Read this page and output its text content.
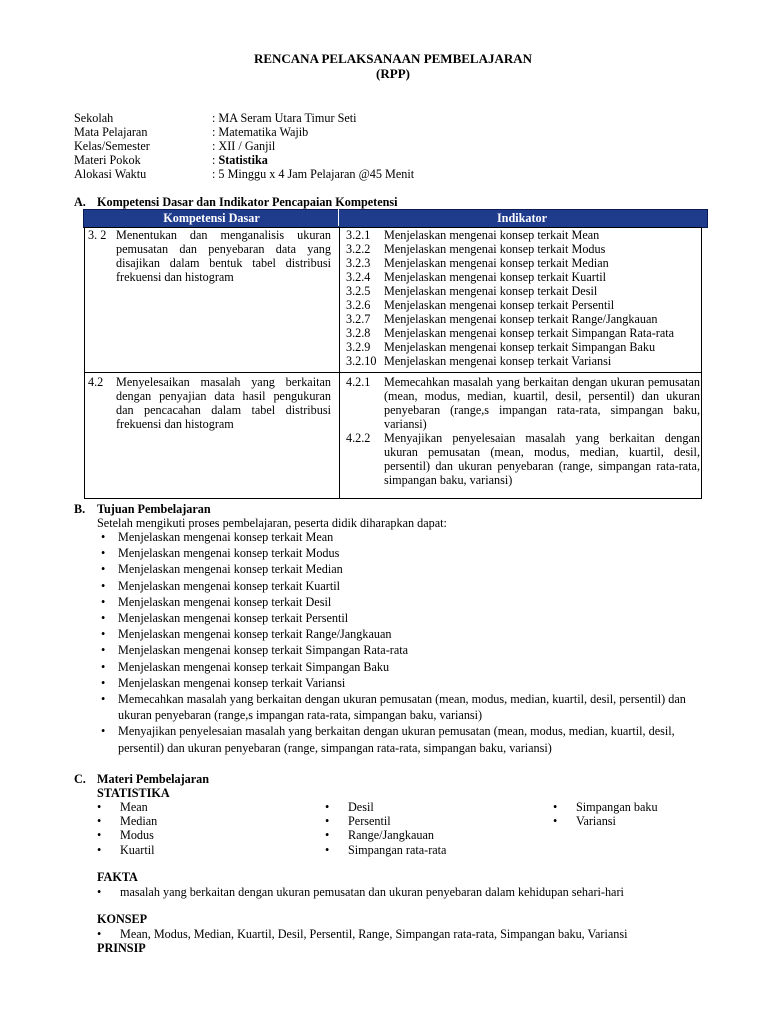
RENCANA PELAKSANAAN PEMBELAJARAN
(RPP)
Sekolah	: MA Seram Utara Timur Seti
Mata Pelajaran	: Matematika Wajib
Kelas/Semester	: XII / Ganjil
Materi Pokok	: Statistika
Alokasi Waktu	: 5 Minggu x 4 Jam Pelajaran @45 Menit
A. Kompetensi Dasar dan Indikator Pencapaian Kompetensi
Kompetensi Dasar	Indikator
3. 2 Menentukan dan menganalisis ukuran pemusatan dan penyebaran data yang disajikan dalam bentuk tabel distribusi frekuensi dan histogram
3.2.1 Menjelaskan mengenai konsep terkait Mean
3.2.2 Menjelaskan mengenai konsep terkait Modus
3.2.3 Menjelaskan mengenai konsep terkait Median
3.2.4 Menjelaskan mengenai konsep terkait Kuartil
3.2.5 Menjelaskan mengenai konsep terkait Desil
3.2.6 Menjelaskan mengenai konsep terkait Persentil
3.2.7 Menjelaskan mengenai konsep terkait Range/Jangkauan
3.2.8 Menjelaskan mengenai konsep terkait Simpangan Rata-rata
3.2.9 Menjelaskan mengenai konsep terkait Simpangan Baku
3.2.10 Menjelaskan mengenai konsep terkait Variansi
4.2 Menyelesaikan masalah yang berkaitan dengan penyajian data hasil pengukuran dan pencacahan dalam tabel distribusi frekuensi dan histogram
4.2.1 Memecahkan masalah yang berkaitan dengan ukuran pemusatan (mean, modus, median, kuartil, desil, persentil) dan ukuran penyebaran (range,s impangan rata-rata, simpangan baku, variansi)
4.2.2 Menyajikan penyelesaian masalah yang berkaitan dengan ukuran pemusatan (mean, modus, median, kuartil, desil, persentil) dan ukuran penyebaran (range, simpangan rata-rata, simpangan baku, variansi)
B. Tujuan Pembelajaran
Setelah mengikuti proses pembelajaran, peserta didik diharapkan dapat:
• Menjelaskan mengenai konsep terkait Mean
• Menjelaskan mengenai konsep terkait Modus
• Menjelaskan mengenai konsep terkait Median
• Menjelaskan mengenai konsep terkait Kuartil
• Menjelaskan mengenai konsep terkait Desil
• Menjelaskan mengenai konsep terkait Persentil
• Menjelaskan mengenai konsep terkait Range/Jangkauan
• Menjelaskan mengenai konsep terkait Simpangan Rata-rata
• Menjelaskan mengenai konsep terkait Simpangan Baku
• Menjelaskan mengenai konsep terkait Variansi
• Memecahkan masalah yang berkaitan dengan ukuran pemusatan (mean, modus, median, kuartil, desil, persentil) dan ukuran penyebaran (range,s impangan rata-rata, simpangan baku, variansi)
• Menyajikan penyelesaian masalah yang berkaitan dengan ukuran pemusatan (mean, modus, median, kuartil, desil, persentil) dan ukuran penyebaran (range, simpangan rata-rata, simpangan baku, variansi)
C. Materi Pembelajaran
STATISTIKA
• Mean
• Median
• Modus
• Kuartil
• Desil
• Persentil
• Range/Jangkauan
• Simpangan rata-rata
• Simpangan baku
• Variansi
FAKTA
• masalah yang berkaitan dengan ukuran pemusatan dan ukuran penyebaran dalam kehidupan sehari-hari
KONSEP
• Mean, Modus, Median, Kuartil, Desil, Persentil, Range, Simpangan rata-rata, Simpangan baku, Variansi
PRINSIP
